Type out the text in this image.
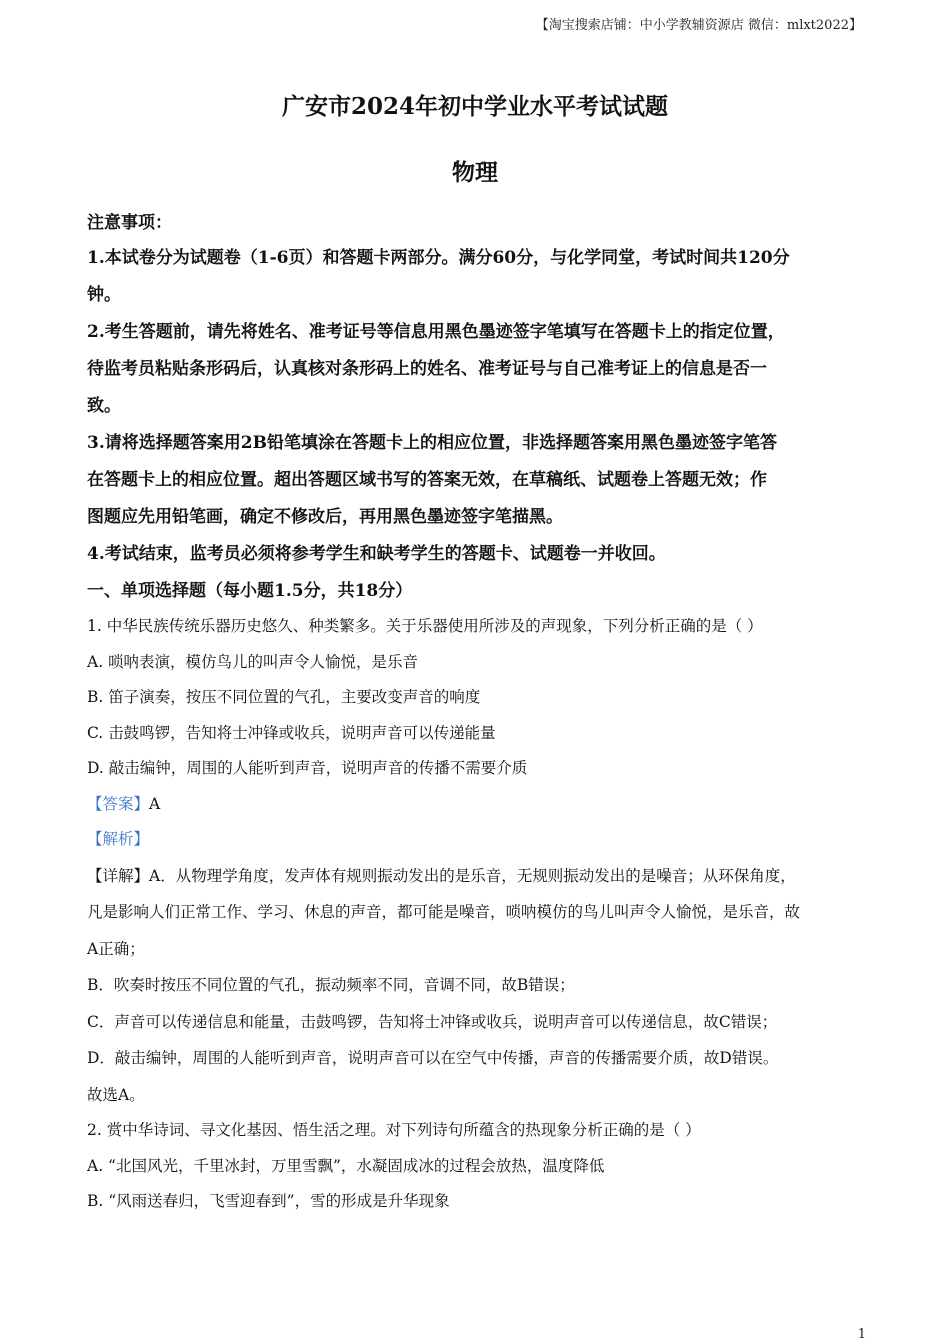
【淘宝搜索店铺：中小学教辅资源店 微信：mlxt2022】
广安市2024年初中学业水平考试试题
物理
注意事项：

1.本试卷分为试题卷（1-6页）和答题卡两部分。满分60分，与化学同堂，考试时间共120分

钟。

2.考生答题前，请先将姓名、准考证号等信息用黑色墨迹签字笔填写在答题卡上的指定位置，

待监考员粘贴条形码后，认真核对条形码上的姓名、准考证号与自己准考证上的信息是否一

致。

3.请将选择题答案用2B铅笔填涂在答题卡上的相应位置，非选择题答案用黑色墨迹签字笔答

在答题卡上的相应位置。超出答题区域书写的答案无效，在草稿纸、试题卷上答题无效；作

图题应先用铅笔画，确定不修改后，再用黑色墨迹签字笔描黑。

4.考试结束，监考员必须将参考学生和缺考学生的答题卡、试题卷一并收回。

一、单项选择题（每小题1.5分，共18分）

1. 中华民族传统乐器历史悠久、种类繁多。关于乐器使用所涉及的声现象，下列分析正确的是（ ）

A. 唢呐表演，模仿鸟儿的叫声令人愉悦，是乐音

B. 笛子演奏，按压不同位置的气孔，主要改变声音的响度

C. 击鼓鸣锣，告知将士冲锋或收兵，说明声音可以传递能量

D. 敲击编钟，周围的人能听到声音，说明声音的传播不需要介质

【答案】A

【解析】

【详解】A．从物理学角度，发声体有规则振动发出的是乐音，无规则振动发出的是噪音；从环保角度，

凡是影响人们正常工作、学习、休息的声音，都可能是噪音，唢呐模仿的鸟儿叫声令人愉悦，是乐音，故

A正确；

B．吹奏时按压不同位置的气孔，振动频率不同，音调不同，故B错误；

C．声音可以传递信息和能量，击鼓鸣锣，告知将士冲锋或收兵，说明声音可以传递信息，故C错误；

D．敲击编钟，周围的人能听到声音，说明声音可以在空气中传播，声音的传播需要介质，故D错误。

故选A。

2. 赏中华诗词、寻文化基因、悟生活之理。对下列诗句所蕴含的热现象分析正确的是（ ）

A. “北国风光，千里冰封，万里雪飘”，水凝固成冰的过程会放热，温度降低

B. “风雨送春归，飞雪迎春到”，雪的形成是升华现象

1
